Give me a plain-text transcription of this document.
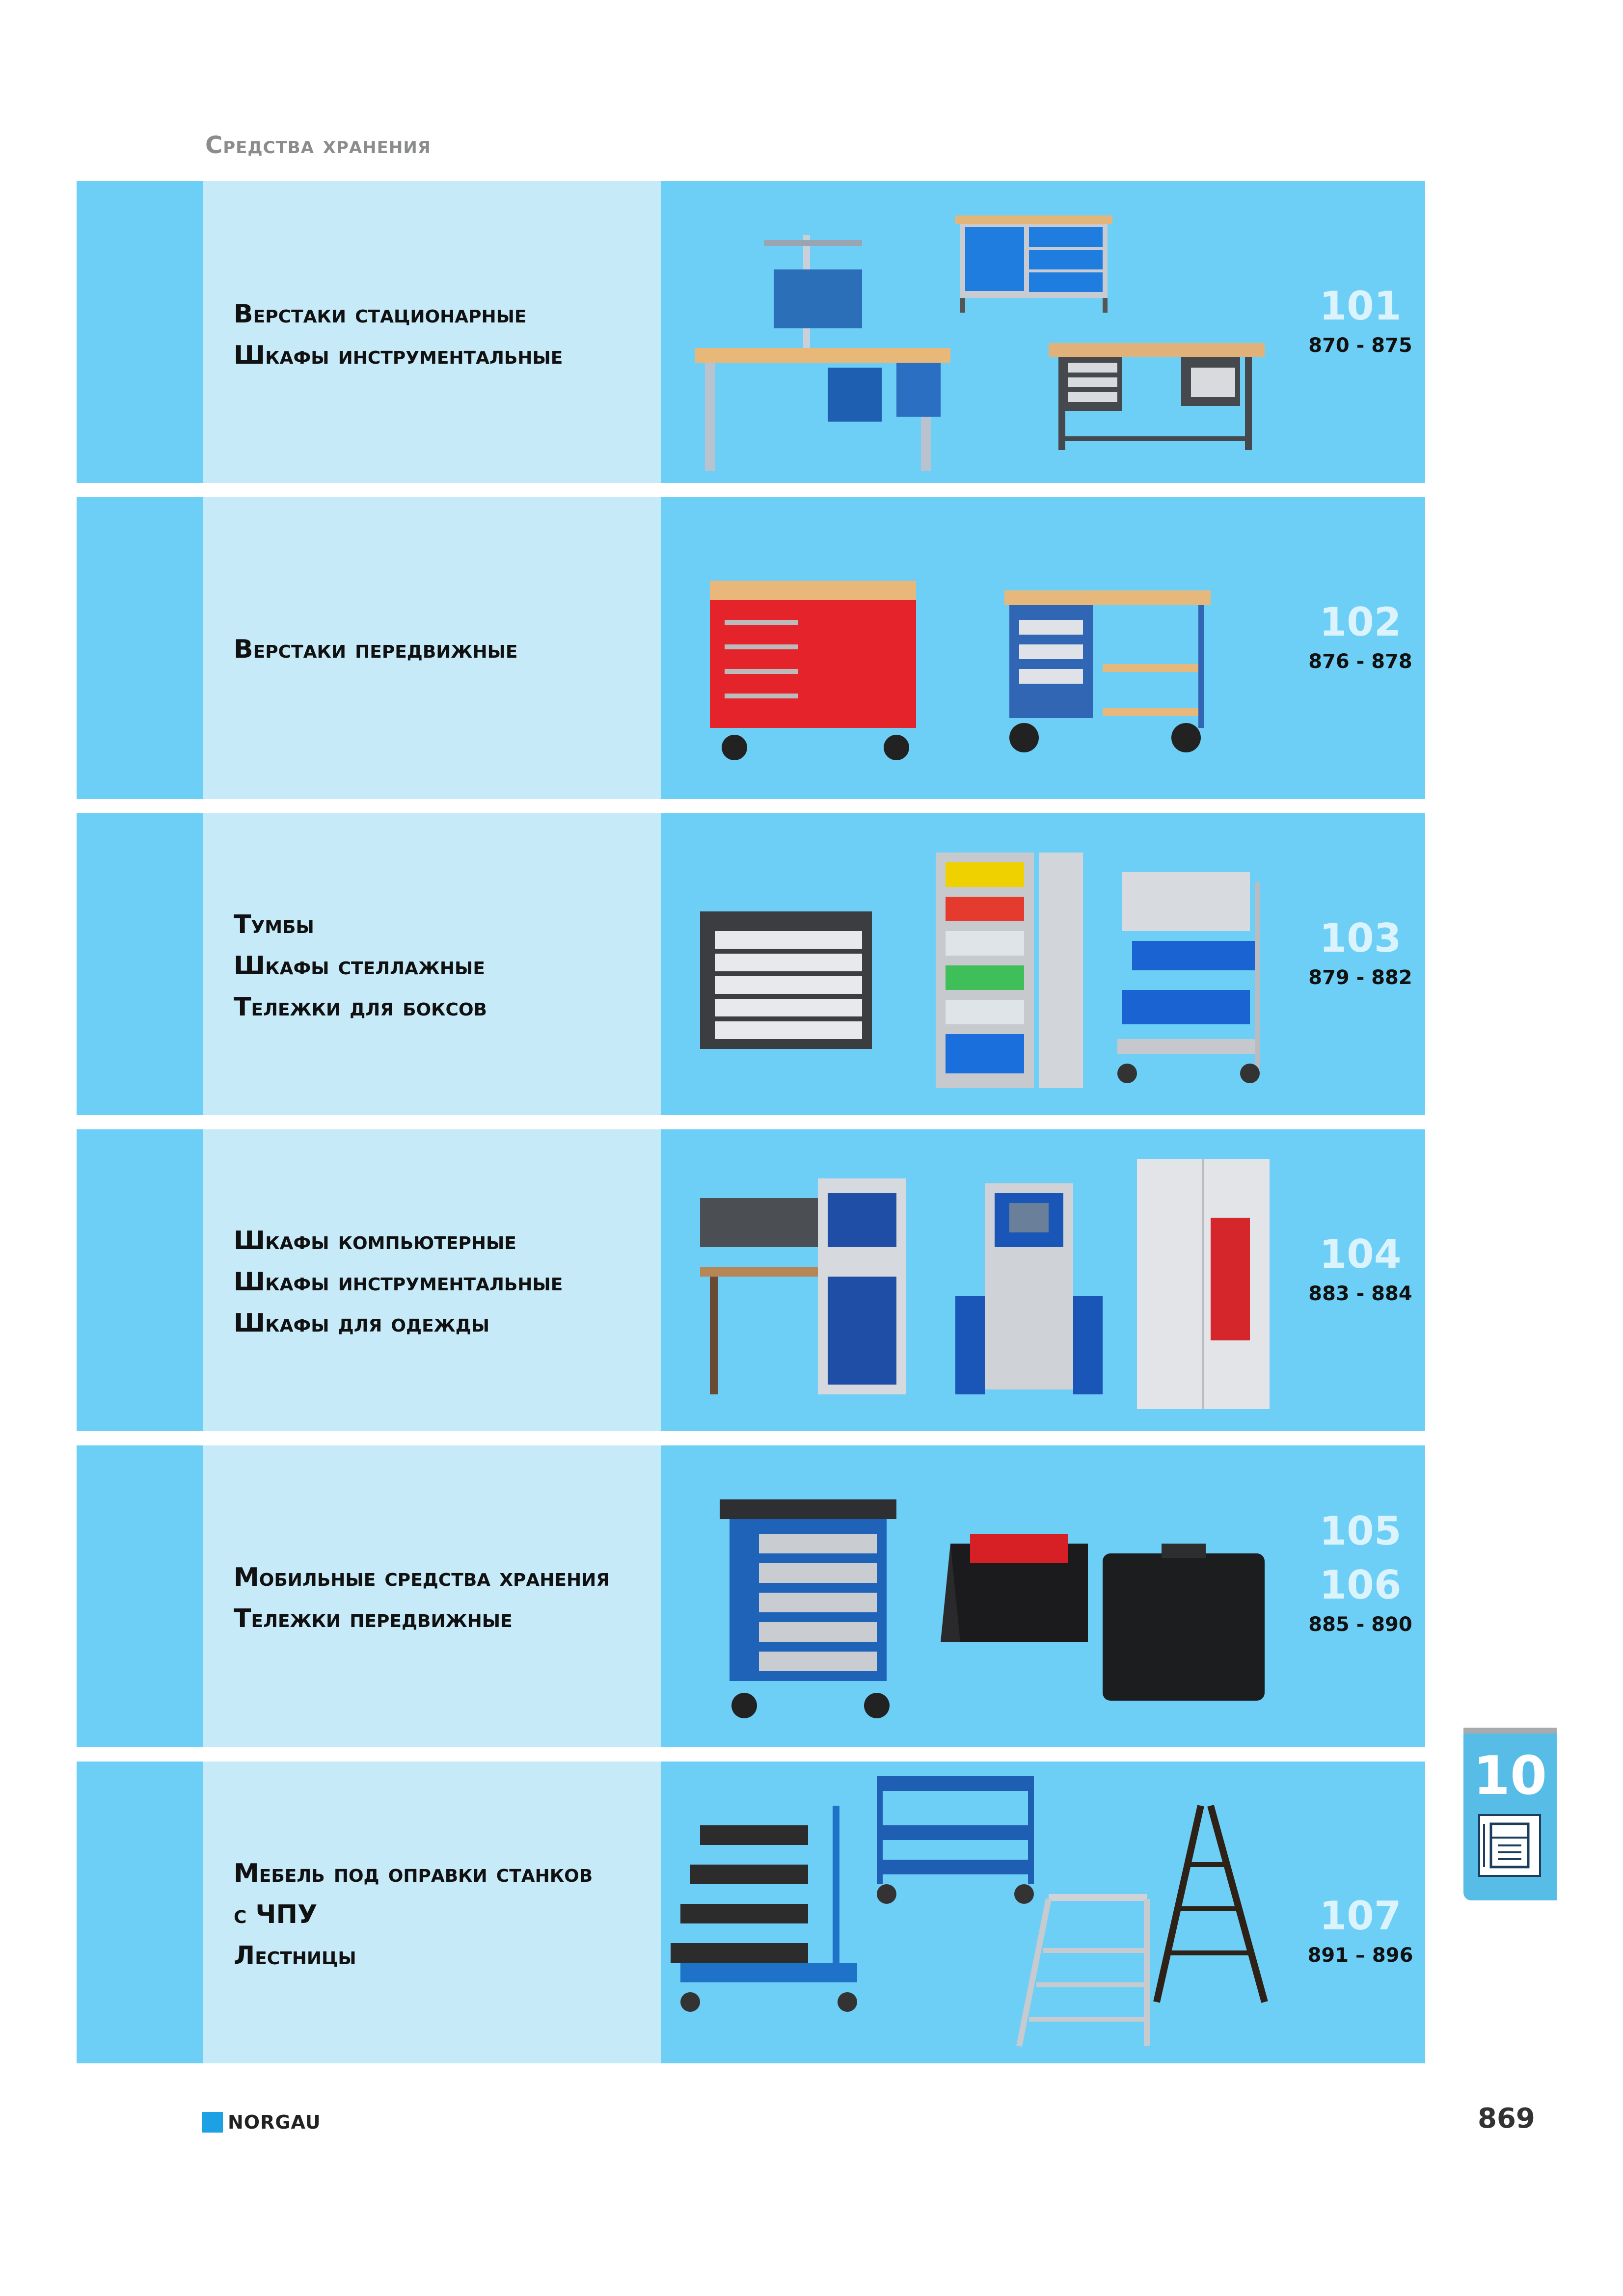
Средства хранения
101
870 - 875
Верстаки стационарные
Шкафы инструментальные
102
876 - 878
Верстаки передвижные
103
879 - 882
Тумбы
Шкафы стеллажные
Тележки для боксов
104
883 - 884
Шкафы компьютерные
Шкафы инструментальные
Шкафы для одежды
105
106
885 - 890
Мобильные средства хранения
Тележки передвижные
107
891 – 896
Мебель под оправки станков
с ЧПУ
Лестницы
10
NORGAU	869
